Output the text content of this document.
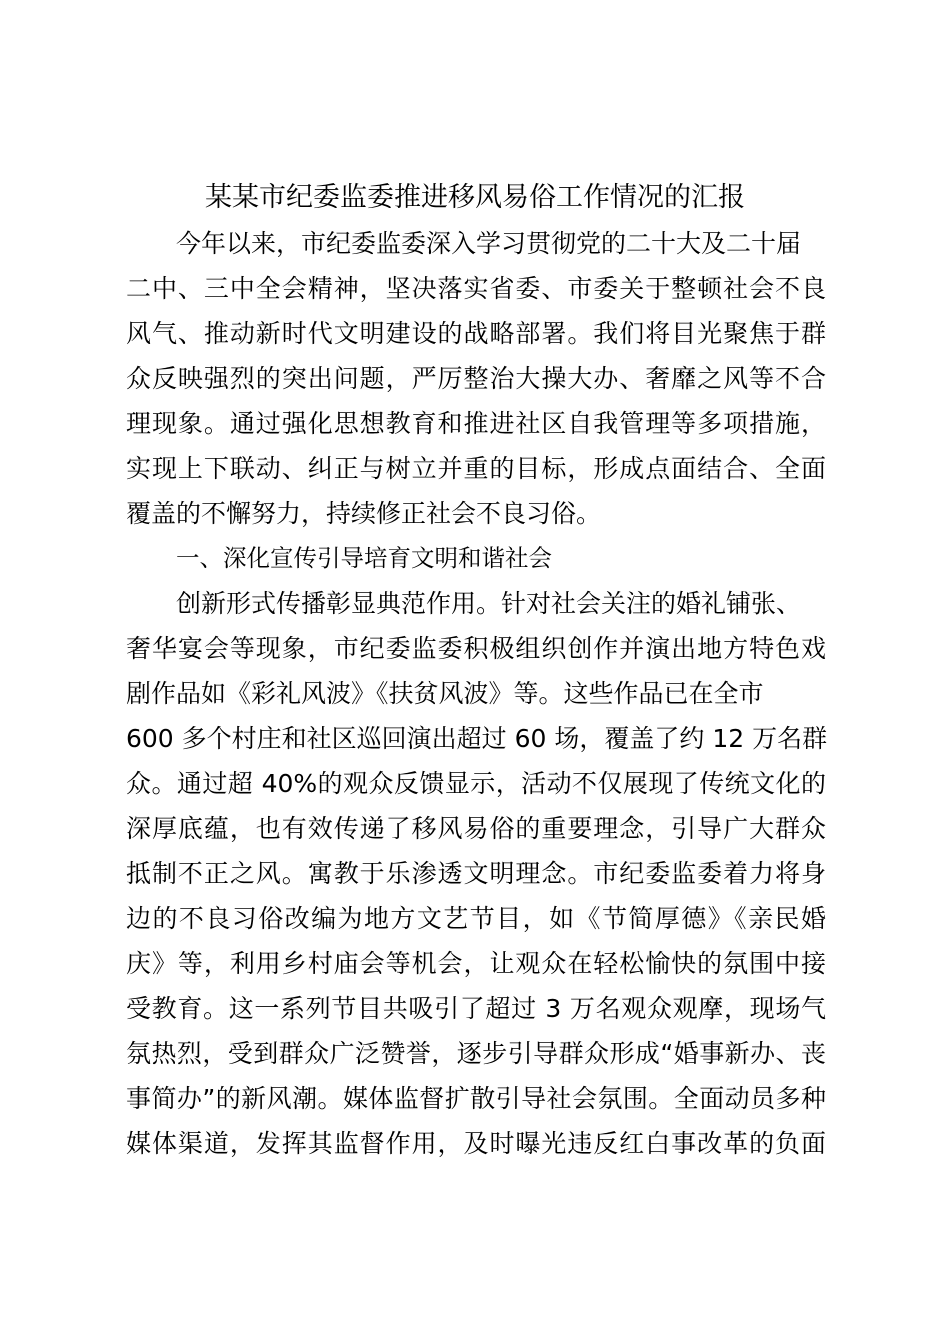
某某市纪委监委推进移风易俗工作情况的汇报
今年以来，市纪委监委深入学习贯彻党的二十大及二十届
二中、三中全会精神，坚决落实省委、市委关于整顿社会不良
风气、推动新时代文明建设的战略部署。我们将目光聚焦于群
众反映强烈的突出问题，严厉整治大操大办、奢靡之风等不合
理现象。通过强化思想教育和推进社区自我管理等多项措施，
实现上下联动、纠正与树立并重的目标，形成点面结合、全面
覆盖的不懈努力，持续修正社会不良习俗。
一、深化宣传引导培育文明和谐社会
创新形式传播彰显典范作用。针对社会关注的婚礼铺张、
奢华宴会等现象，市纪委监委积极组织创作并演出地方特色戏
剧作品如《彩礼风波》《扶贫风波》等。这些作品已在全市
600 多个村庄和社区巡回演出超过 60 场，覆盖了约 12 万名群
众。通过超 40%的观众反馈显示，活动不仅展现了传统文化的
深厚底蕴，也有效传递了移风易俗的重要理念，引导广大群众
抵制不正之风。寓教于乐渗透文明理念。市纪委监委着力将身
边的不良习俗改编为地方文艺节目，如《节简厚德》《亲民婚
庆》等，利用乡村庙会等机会，让观众在轻松愉快的氛围中接
受教育。这一系列节目共吸引了超过 3 万名观众观摩，现场气
氛热烈，受到群众广泛赞誉，逐步引导群众形成“婚事新办、丧
事简办”的新风潮。媒体监督扩散引导社会氛围。全面动员多种
媒体渠道，发挥其监督作用，及时曝光违反红白事改革的负面
